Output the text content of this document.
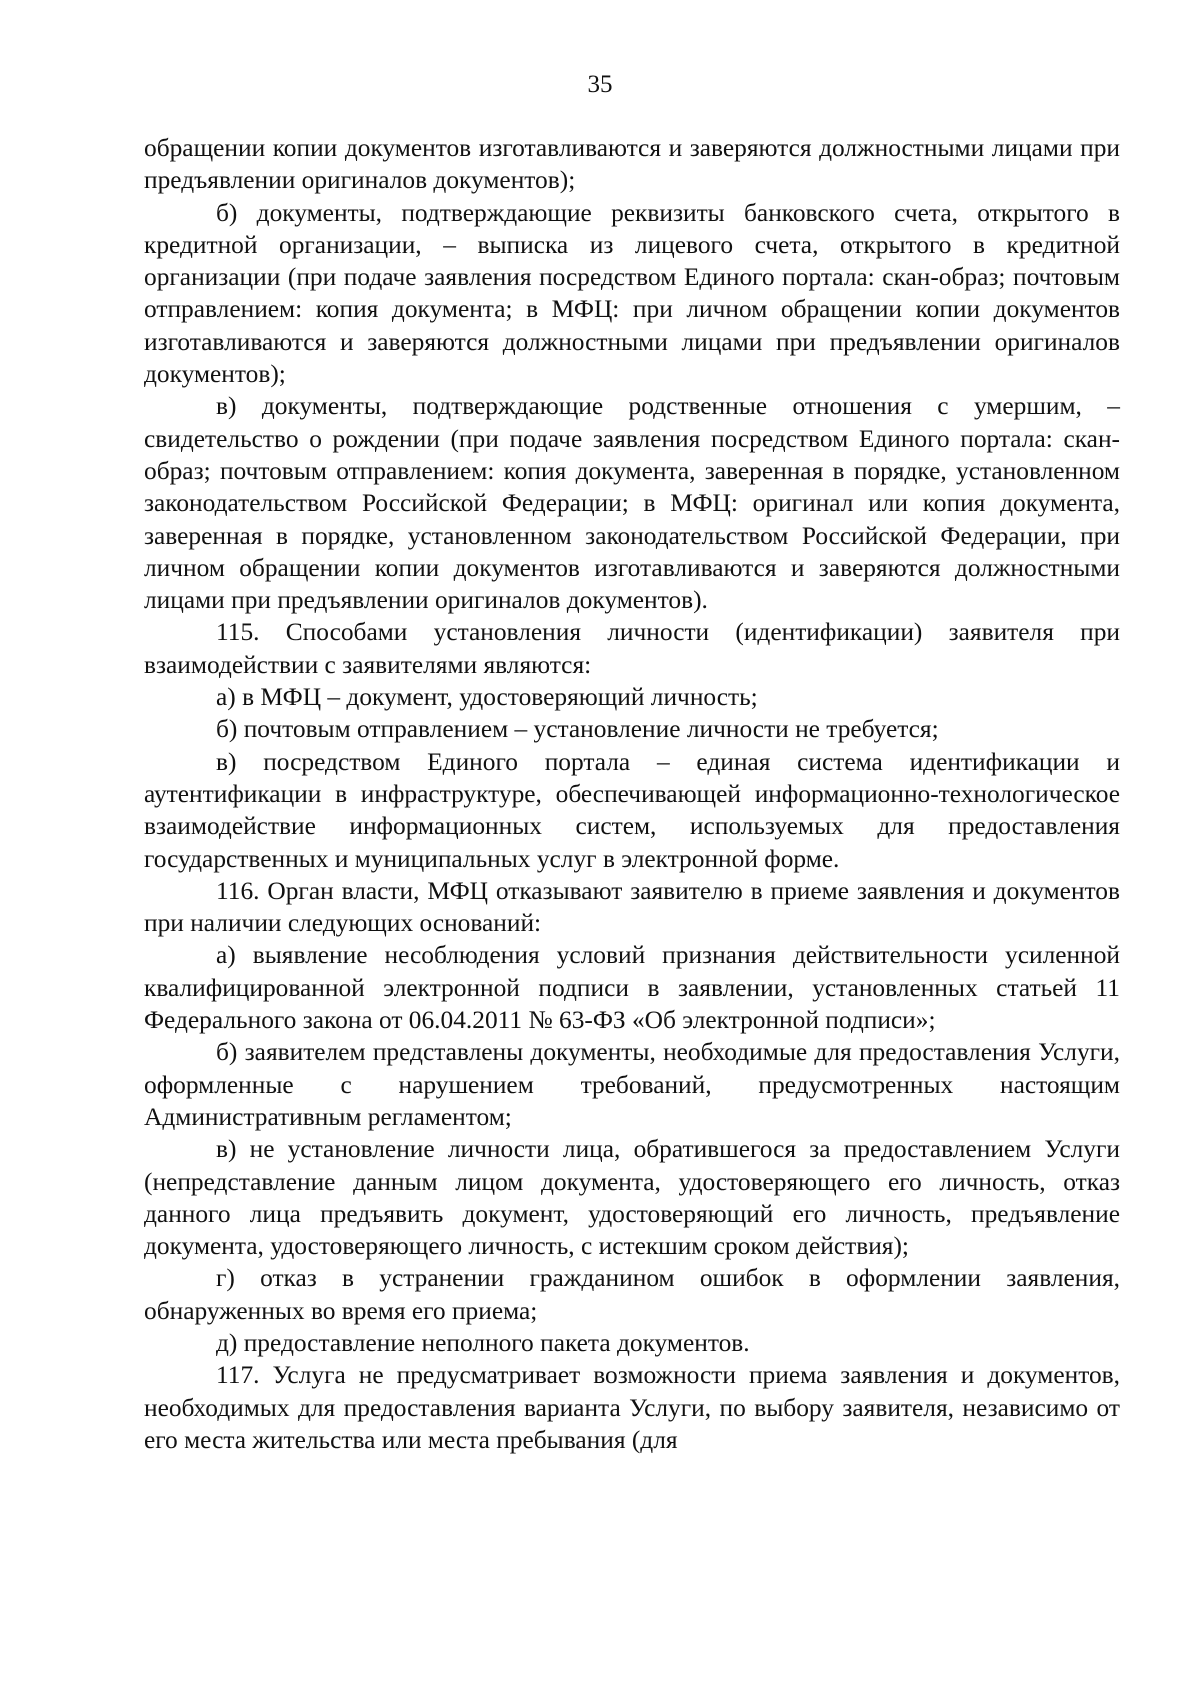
35

обращении копии документов изготавливаются и заверяются должностными лицами при предъявлении оригиналов документов);

б) документы, подтверждающие реквизиты банковского счета, открытого в кредитной организации, – выписка из лицевого счета, открытого в кредитной организации (при подаче заявления посредством Единого портала: скан-образ; почтовым отправлением: копия документа; в МФЦ: при личном обращении копии документов изготавливаются и заверяются должностными лицами при предъявлении оригиналов документов);

в) документы, подтверждающие родственные отношения с умершим, – свидетельство о рождении (при подаче заявления посредством Единого портала: скан-образ; почтовым отправлением: копия документа, заверенная в порядке, установленном законодательством Российской Федерации; в МФЦ: оригинал или копия документа, заверенная в порядке, установленном законодательством Российской Федерации, при личном обращении копии документов изготавливаются и заверяются должностными лицами при предъявлении оригиналов документов).

115. Способами установления личности (идентификации) заявителя при взаимодействии с заявителями являются:

а) в МФЦ – документ, удостоверяющий личность;

б) почтовым отправлением – установление личности не требуется;

в) посредством Единого портала – единая система идентификации и аутентификации в инфраструктуре, обеспечивающей информационно-технологическое взаимодействие информационных систем, используемых для предоставления государственных и муниципальных услуг в электронной форме.

116. Орган власти, МФЦ отказывают заявителю в приеме заявления и документов при наличии следующих оснований:

а) выявление несоблюдения условий признания действительности усиленной квалифицированной электронной подписи в заявлении, установленных статьей 11 Федерального закона от 06.04.2011 № 63-ФЗ «Об электронной подписи»;

б) заявителем представлены документы, необходимые для предоставления Услуги, оформленные с нарушением требований, предусмотренных настоящим Административным регламентом;

в) не установление личности лица, обратившегося за предоставлением Услуги (непредставление данным лицом документа, удостоверяющего его личность, отказ данного лица предъявить документ, удостоверяющий его личность, предъявление документа, удостоверяющего личность, с истекшим сроком действия);

г) отказ в устранении гражданином ошибок в оформлении заявления, обнаруженных во время его приема;

д) предоставление неполного пакета документов.

117. Услуга не предусматривает возможности приема заявления и документов, необходимых для предоставления варианта Услуги, по выбору заявителя, независимо от его места жительства или места пребывания (для
